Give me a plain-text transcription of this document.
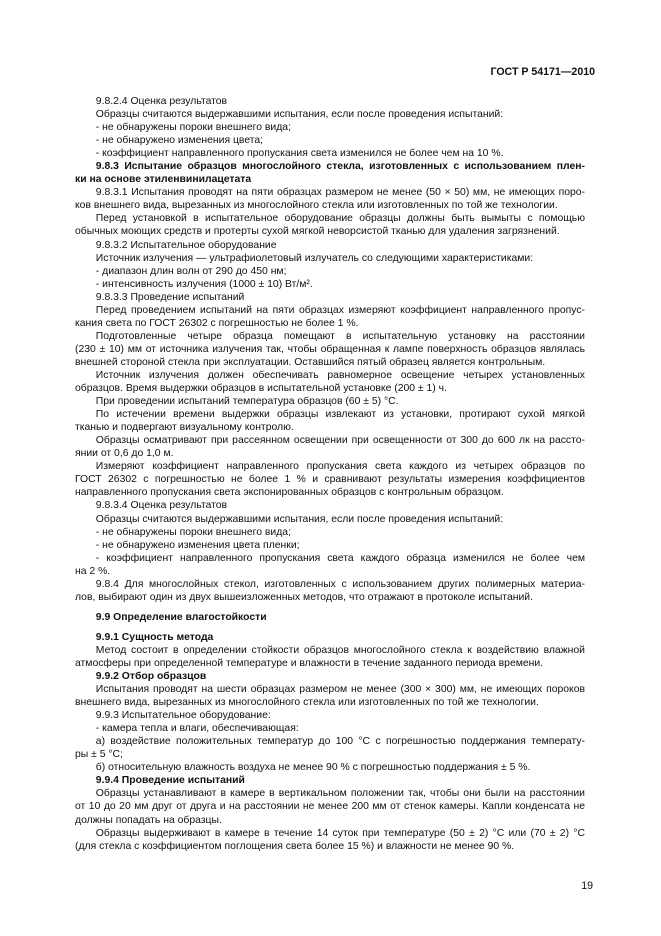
ГОСТ Р 54171—2010

9.8.2.4 Оценка результатов

Образцы считаются выдержавшими испытания, если после проведения испытаний:

- не обнаружены пороки внешнего вида;

- не обнаружено изменения цвета;

- коэффициент направленного пропускания света изменился не более чем на 10 %.

9.8.3 Испытание образцов многослойного стекла, изготовленных с использованием плен-

ки на основе этиленвинилацетата

9.8.3.1 Испытания проводят на пяти образцах размером не менее (50 × 50) мм, не имеющих поро-

ков внешнего вида, вырезанных из многослойного стекла или изготовленных по той же технологии.

Перед установкой в испытательное оборудование образцы должны быть вымыты с помощью

обычных моющих средств и протерты сухой мягкой неворсистой тканью для удаления загрязнений.

9.8.3.2 Испытательное оборудование

Источник излучения — ультрафиолетовый излучатель со следующими характеристиками:

- диапазон длин волн от 290 до 450 нм;

- интенсивность излучения (1000 ± 10) Вт/м².

9.8.3.3 Проведение испытаний

Перед проведением испытаний на пяти образцах измеряют коэффициент направленного пропус-

кания света по ГОСТ 26302 с погрешностью не более 1 %.

Подготовленные четыре образца помещают в испытательную установку на расстоянии

(230 ± 10) мм от источника излучения так, чтобы обращенная к лампе поверхность образцов являлась

внешней стороной стекла при эксплуатации. Оставшийся пятый образец является контрольным.

Источник излучения должен обеспечивать равномерное освещение четырех установленных

образцов. Время выдержки образцов в испытательной установке (200 ± 1) ч.

При проведении испытаний температура образцов (60 ± 5) °С.

По истечении времени выдержки образцы извлекают из установки, протирают сухой мягкой

тканью и подвергают визуальному контролю.

Образцы осматривают при рассеянном освещении при освещенности от 300 до 600 лк на рассто-

янии от 0,6 до 1,0 м.

Измеряют коэффициент направленного пропускания света каждого из четырех образцов по

ГОСТ 26302 с погрешностью не более 1 % и сравнивают результаты измерения коэффициентов

направленного пропускания света экспонированных образцов с контрольным образцом.

9.8.3.4 Оценка результатов

Образцы считаются выдержавшими испытания, если после проведения испытаний:

- не обнаружены пороки внешнего вида;

- не обнаружено изменения цвета пленки;

- коэффициент направленного пропускания света каждого образца изменился не более чем

на 2 %.

9.8.4 Для многослойных стекол, изготовленных с использованием других полимерных материа-

лов, выбирают один из двух вышеизложенных методов, что отражают в протоколе испытаний.

9.9 Определение влагостойкости

9.9.1 Сущность метода

Метод состоит в определении стойкости образцов многослойного стекла к воздействию влажной

атмосферы при определенной температуре и влажности в течение заданного периода времени.

9.9.2 Отбор образцов

Испытания проводят на шести образцах размером не менее (300 × 300) мм, не имеющих пороков

внешнего вида, вырезанных из многослойного стекла или изготовленных по той же технологии.

9.9.3 Испытательное оборудование:

- камера тепла и влаги, обеспечивающая:

а) воздействие положительных температур до 100 °С с погрешностью поддержания температу-

ры ± 5 °С;

б) относительную влажность воздуха не менее 90 % с погрешностью поддержания ± 5 %.

9.9.4 Проведение испытаний

Образцы устанавливают в камере в вертикальном положении так, чтобы они были на расстоянии

от 10 до 20 мм друг от друга и на расстоянии не менее 200 мм от стенок камеры. Капли конденсата не

должны попадать на образцы.

Образцы выдерживают в камере в течение 14 суток при температуре (50 ± 2) °С или (70 ± 2) °С

(для стекла с коэффициентом поглощения света более 15 %) и влажности не менее 90 %.

19
